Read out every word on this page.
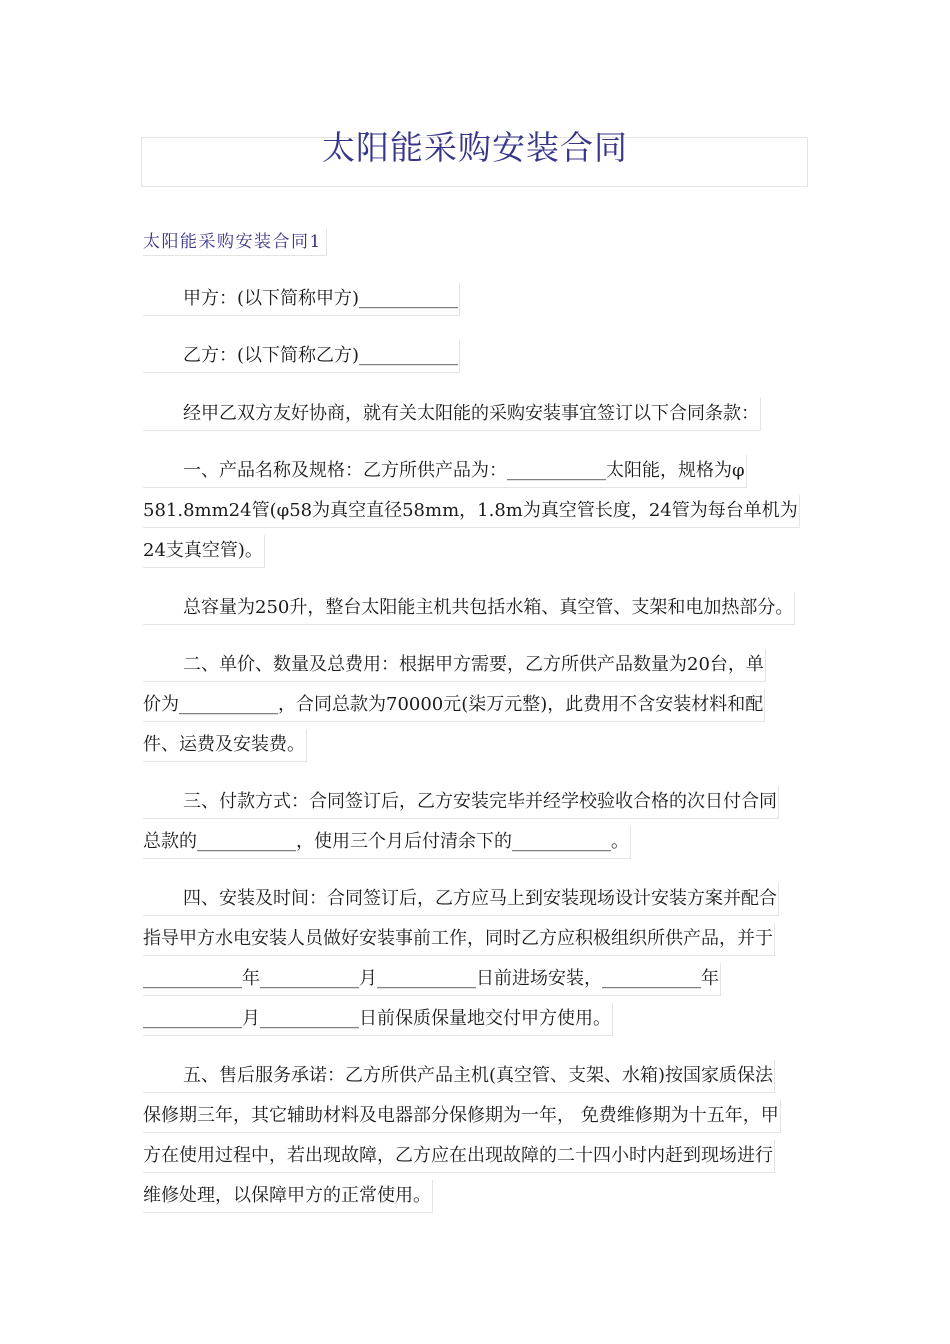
太阳能采购安装合同
太阳能采购安装合同1
甲方：(以下简称甲方)___________
乙方：(以下简称乙方)___________
经甲乙双方友好协商，就有关太阳能的采购安装事宜签订以下合同条款：
一、产品名称及规格：乙方所供产品为：___________太阳能，规格为φ
581.8mm24管(φ58为真空直径58mm，1.8m为真空管长度，24管为每台单机为
24支真空管)。
总容量为250升，整台太阳能主机共包括水箱、真空管、支架和电加热部分。
二、单价、数量及总费用：根据甲方需要，乙方所供产品数量为20台，单
价为___________，合同总款为70000元(柒万元整)，此费用不含安装材料和配
件、运费及安装费。
三、付款方式：合同签订后，乙方安装完毕并经学校验收合格的次日付合同
总款的___________，使用三个月后付清余下的___________。
四、安装及时间：合同签订后，乙方应马上到安装现场设计安装方案并配合
指导甲方水电安装人员做好安装事前工作，同时乙方应积极组织所供产品，并于
___________年___________月___________日前进场安装，___________年
___________月___________日前保质保量地交付甲方使用。
五、售后服务承诺：乙方所供产品主机(真空管、支架、水箱)按国家质保法
保修期三年，其它辅助材料及电器部分保修期为一年， 免费维修期为十五年，甲
方在使用过程中，若出现故障，乙方应在出现故障的二十四小时内赶到现场进行
维修处理，以保障甲方的正常使用。
